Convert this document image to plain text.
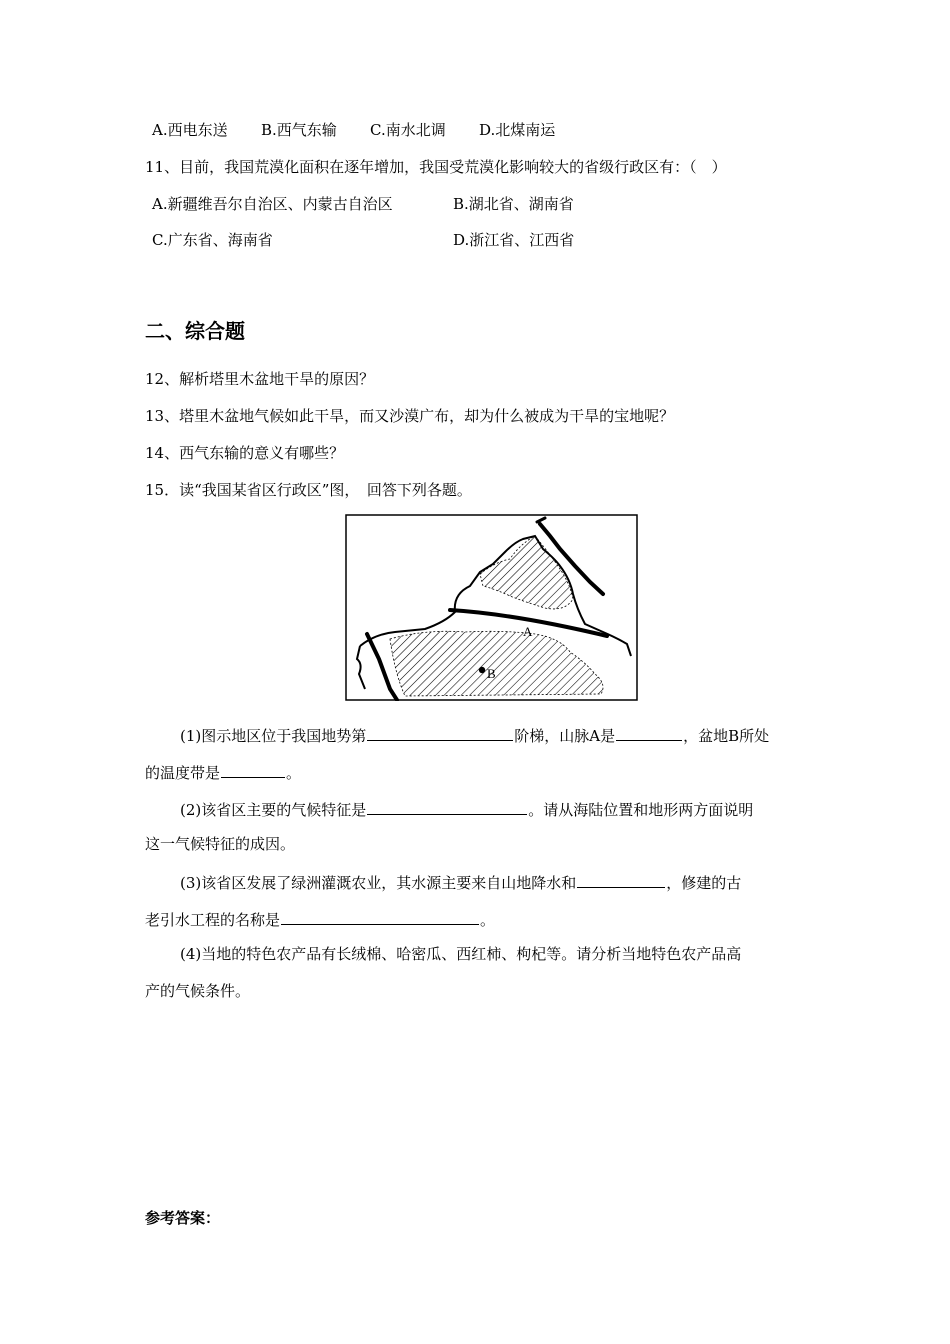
A.西电东送 B.西气东输 C.南水北调 D.北煤南运
11、目前，我国荒漠化面积在逐年增加，我国受荒漠化影响较大的省级行政区有：（　）
A.新疆维吾尔自治区、内蒙古自治区	B.湖北省、湖南省
C.广东省、海南省	D.浙江省、江西省
二、综合题
12、解析塔里木盆地干旱的原因？
13、塔里木盆地气候如此干旱，而又沙漠广布，却为什么被成为干旱的宝地呢？
14、西气东输的意义有哪些？
15．读“我国某省区行政区”图，　回答下列各题。
A
B
(1)图示地区位于我国地势第	阶梯，山脉A是	，盆地B所处
的温度带是	。
(2)该省区主要的气候特征是	。请从海陆位置和地形两方面说明
这一气候特征的成因。
(3)该省区发展了绿洲灌溉农业，其水源主要来自山地降水和	，修建的古
老引水工程的名称是	。
(4)当地的特色农产品有长绒棉、哈密瓜、西红柿、枸杞等。请分析当地特色农产品高
产的气候条件。
参考答案：
